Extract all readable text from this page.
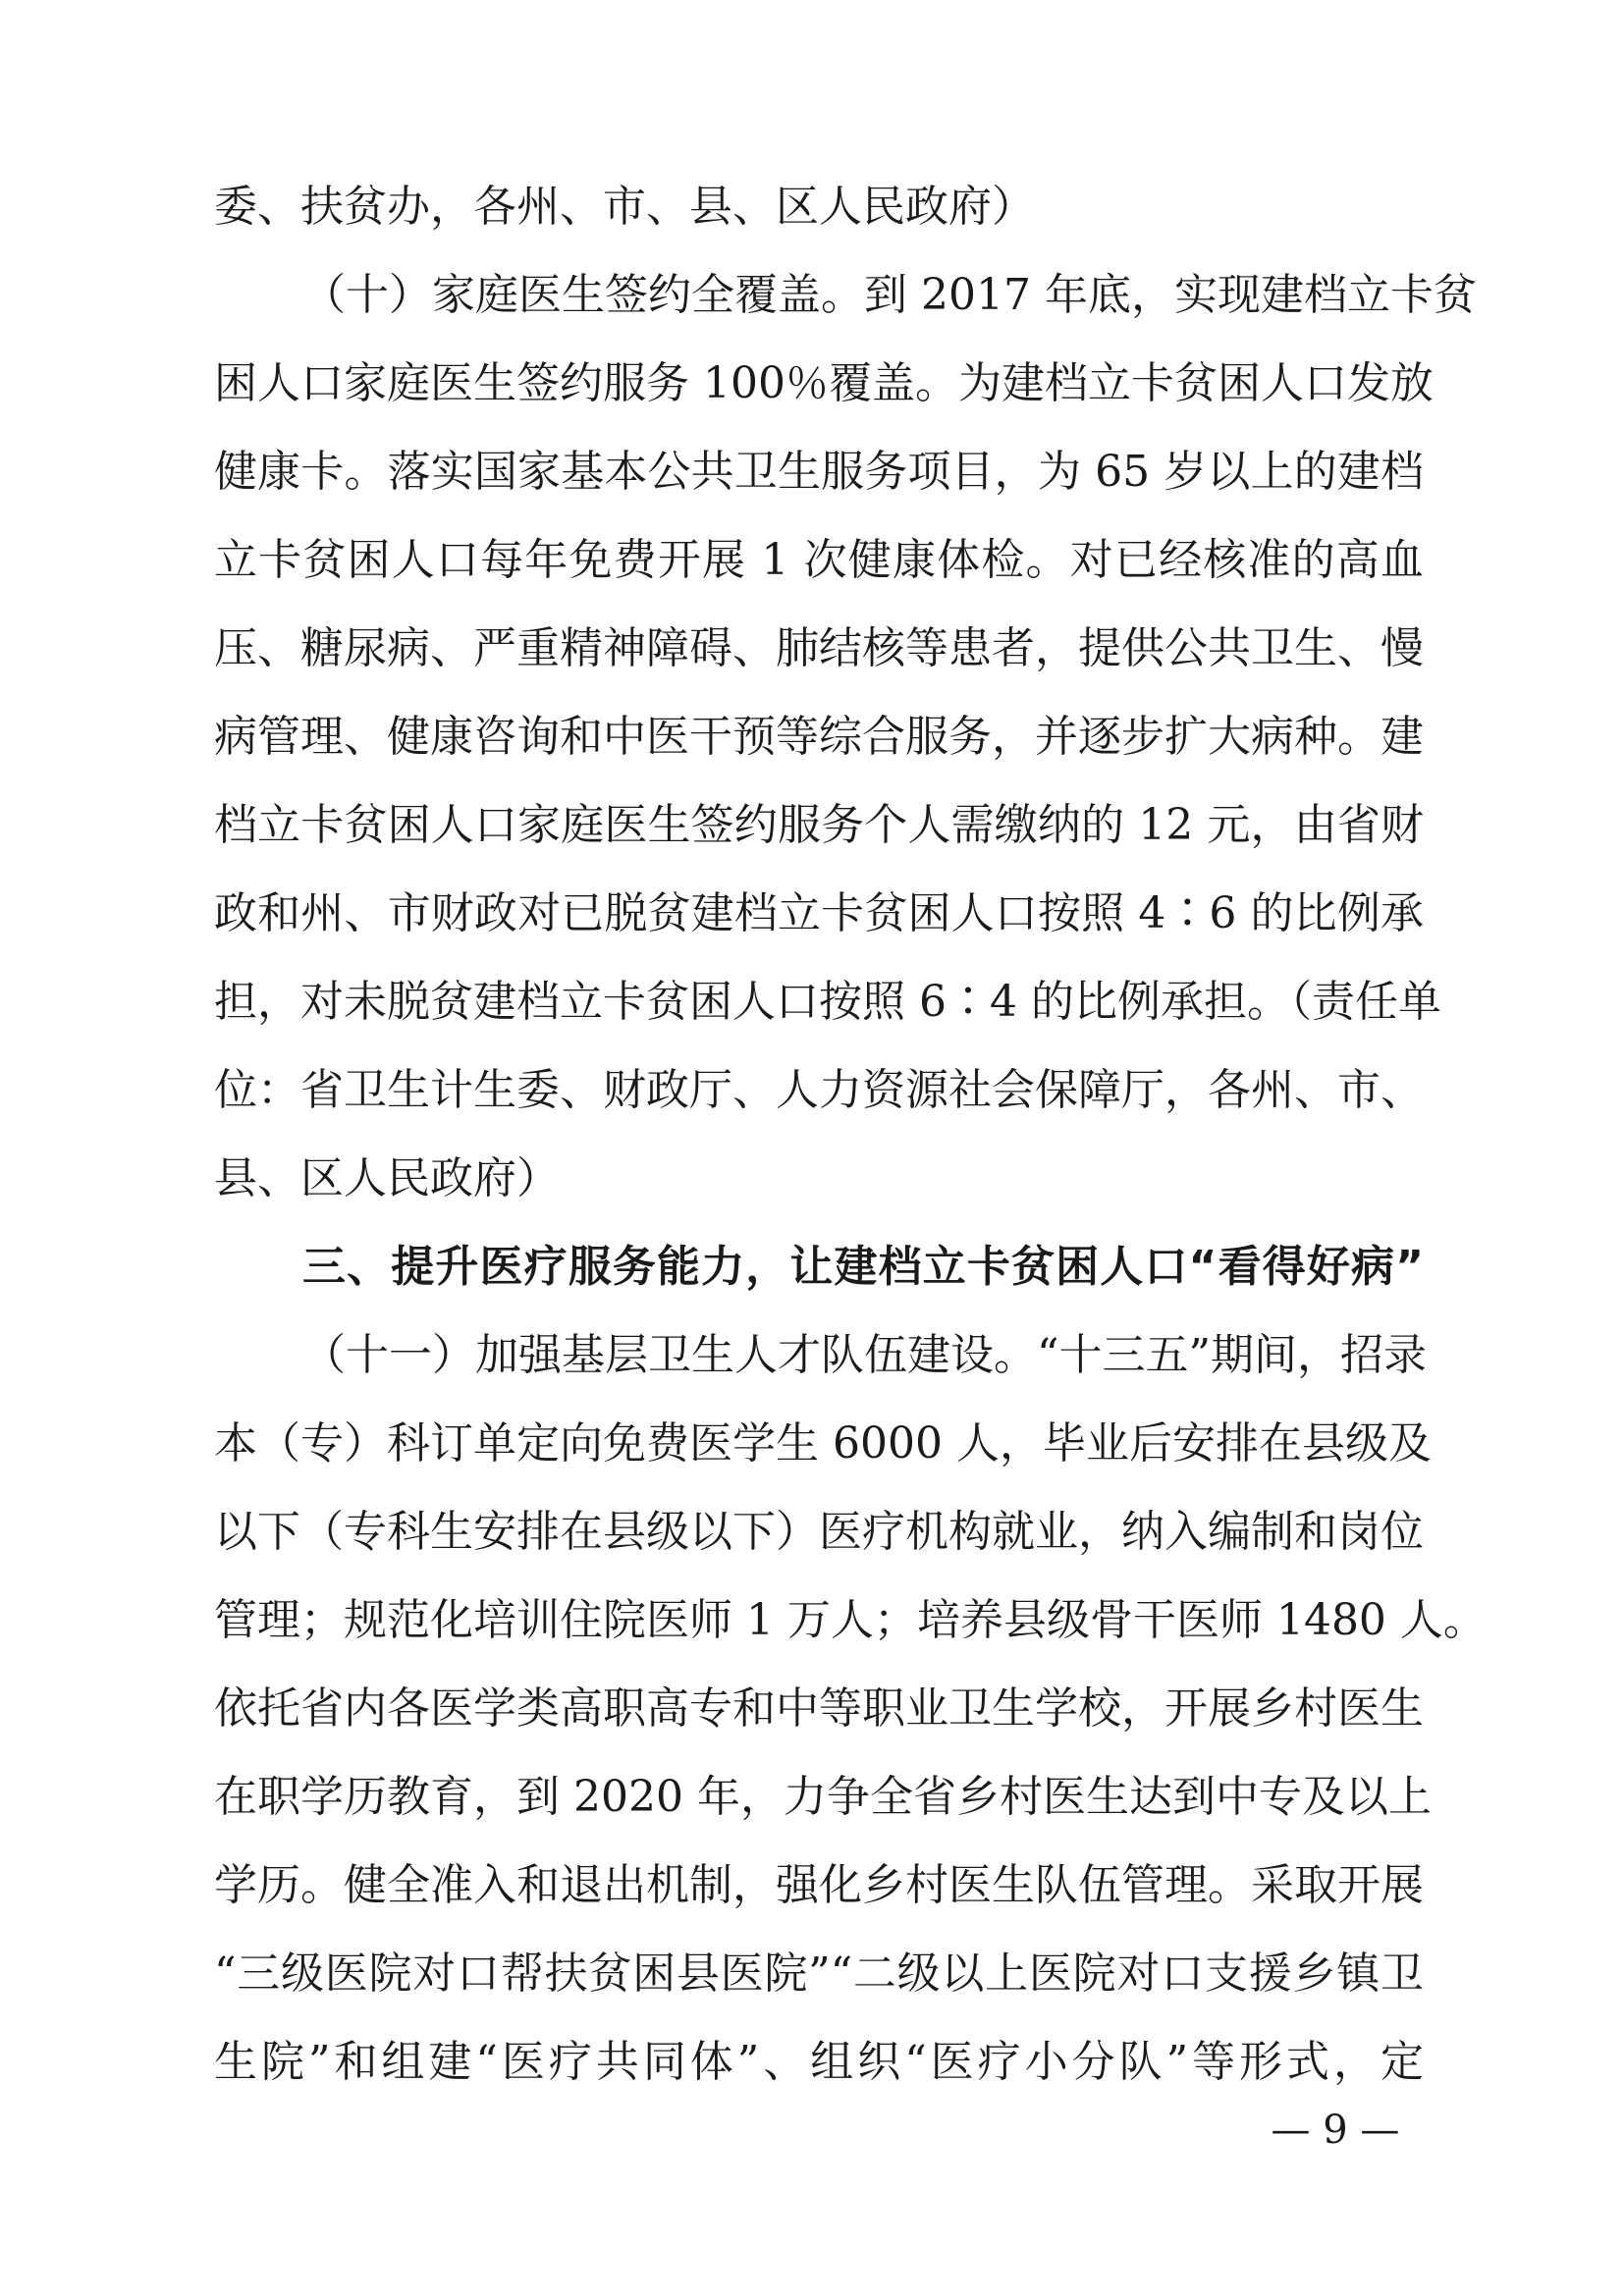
委、扶贫办，各州、市、县、区人民政府）
（十）家庭医生签约全覆盖。到 2017 年底，实现建档立卡贫
困人口家庭医生签约服务 100％覆盖。为建档立卡贫困人口发放
健康卡。落实国家基本公共卫生服务项目，为 65 岁以上的建档
立卡贫困人口每年免费开展 1 次健康体检。对已经核准的高血
压、糖尿病、严重精神障碍、肺结核等患者，提供公共卫生、慢
病管理、健康咨询和中医干预等综合服务，并逐步扩大病种。建
档立卡贫困人口家庭医生签约服务个人需缴纳的 12 元，由省财
政和州、市财政对已脱贫建档立卡贫困人口按照 4∶6 的比例承
担，对未脱贫建档立卡贫困人口按照 6∶4 的比例承担。（责任单
位：省卫生计生委、财政厅、人力资源社会保障厅，各州、市、
县、区人民政府）
三、提升医疗服务能力，让建档立卡贫困人口“看得好病”
（十一）加强基层卫生人才队伍建设。“十三五”期间，招录
本（专）科订单定向免费医学生 6000 人，毕业后安排在县级及
以下（专科生安排在县级以下）医疗机构就业，纳入编制和岗位
管理；规范化培训住院医师 1 万人；培养县级骨干医师 1480 人。
依托省内各医学类高职高专和中等职业卫生学校，开展乡村医生
在职学历教育，到 2020 年，力争全省乡村医生达到中专及以上
学历。健全准入和退出机制，强化乡村医生队伍管理。采取开展
“三级医院对口帮扶贫困县医院”“二级以上医院对口支援乡镇卫
生院”和组建“医疗共同体”、组织“医疗小分队”等形式，定
— 9 —
